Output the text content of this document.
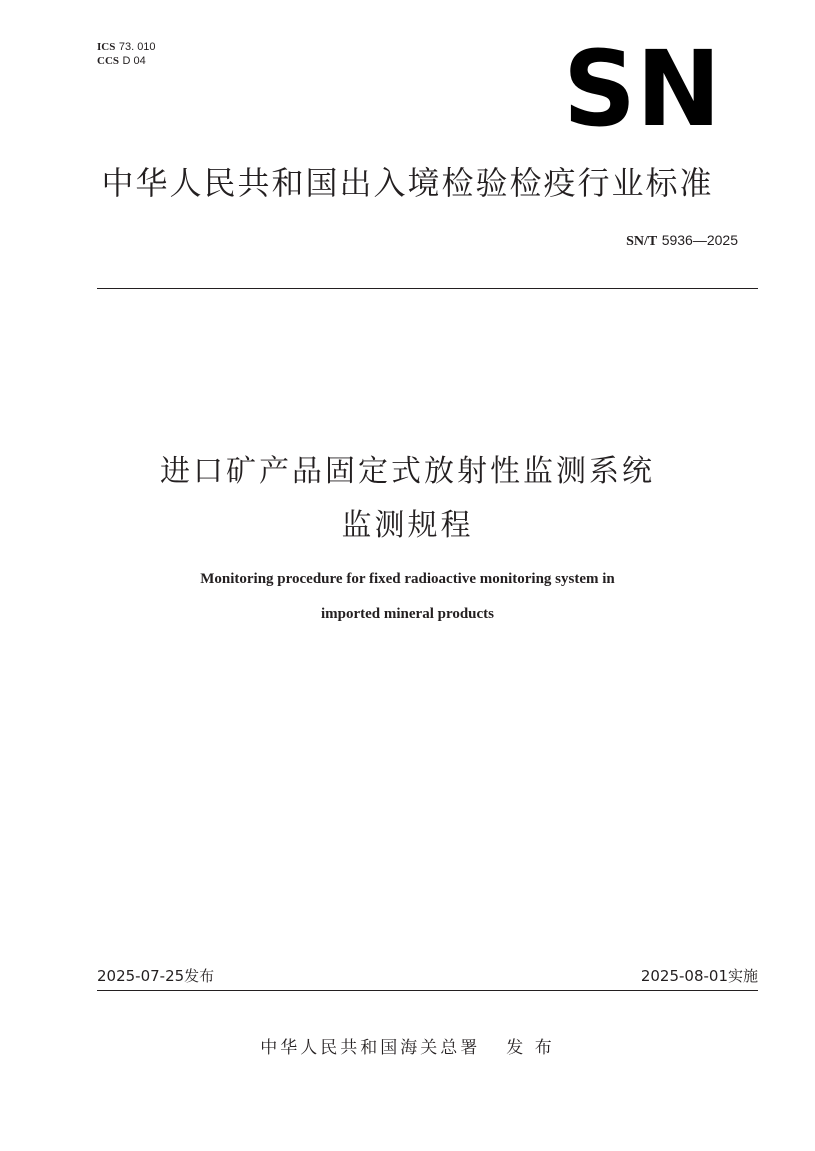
ICS 73. 010
CCS D 04	SN
中华人民共和国出入境检验检疫行业标准
SN/T 5936—2025
进口矿产品固定式放射性监测系统
监测规程
Monitoring procedure for fixed radioactive monitoring system in
imported mineral products
2025-07-25发布	2025-08-01实施
中华人民共和国海关总署 发 布
